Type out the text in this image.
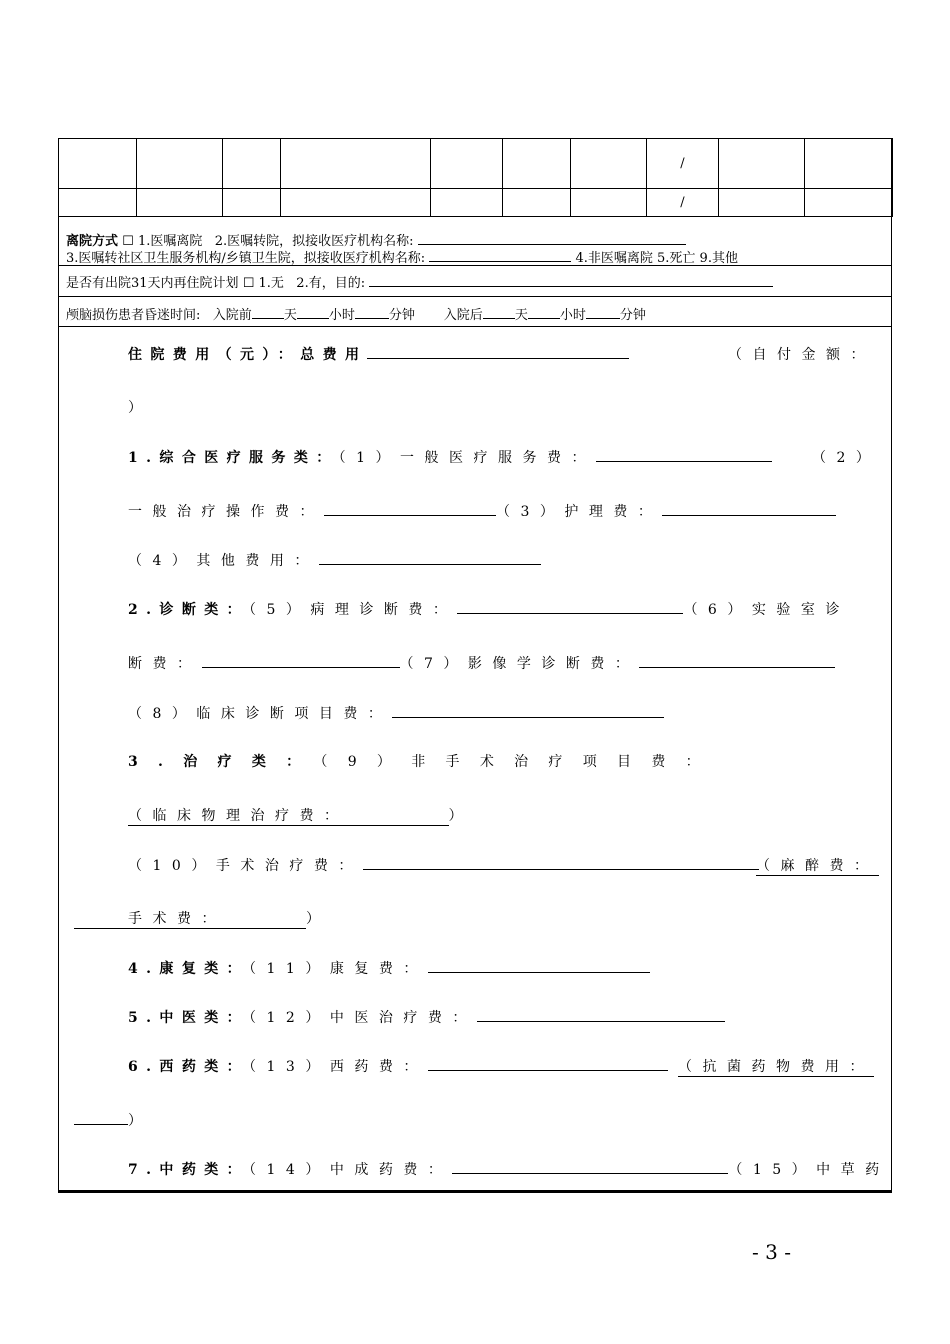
							/		
							/		
离院方式 ☐ 1.医嘱离院 2.医嘱转院，拟接收医疗机构名称:
3.医嘱转社区卫生服务机构/乡镇卫生院，拟接收医疗机构名称:	4.非医嘱离院 5.死亡 9.其他
是否有出院31天内再住院计划 ☐ 1.无 2.有，目的:
颅脑损伤患者昏迷时间: 入院前 天 小时	分钟 入院后 天 小时	分钟
住院费用（元）：总费用	（自付金额：
）
1.综合医疗服务类：（1）一般医疗服务费：	（2）
一般治疗操作费：	（3）护理费：
（4）其他费用：
2.诊断类：（5）病理诊断费：	（6）实验室诊
断费：	（7）影像学诊断费：
（8）临床诊断项目费：
3.治疗类：（9）非手术治疗项目费：
（临床物理治疗费：	）
（10）手术治疗费：	（麻醉费：
手术费：	）
4.康复类：（11）康复费：
5.中医类：（12）中医治疗费：
6.西药类：（13）西药费：	（抗菌药物费用：
）
7.中药类：（14）中成药费：	（15）中草药
- 3 -
